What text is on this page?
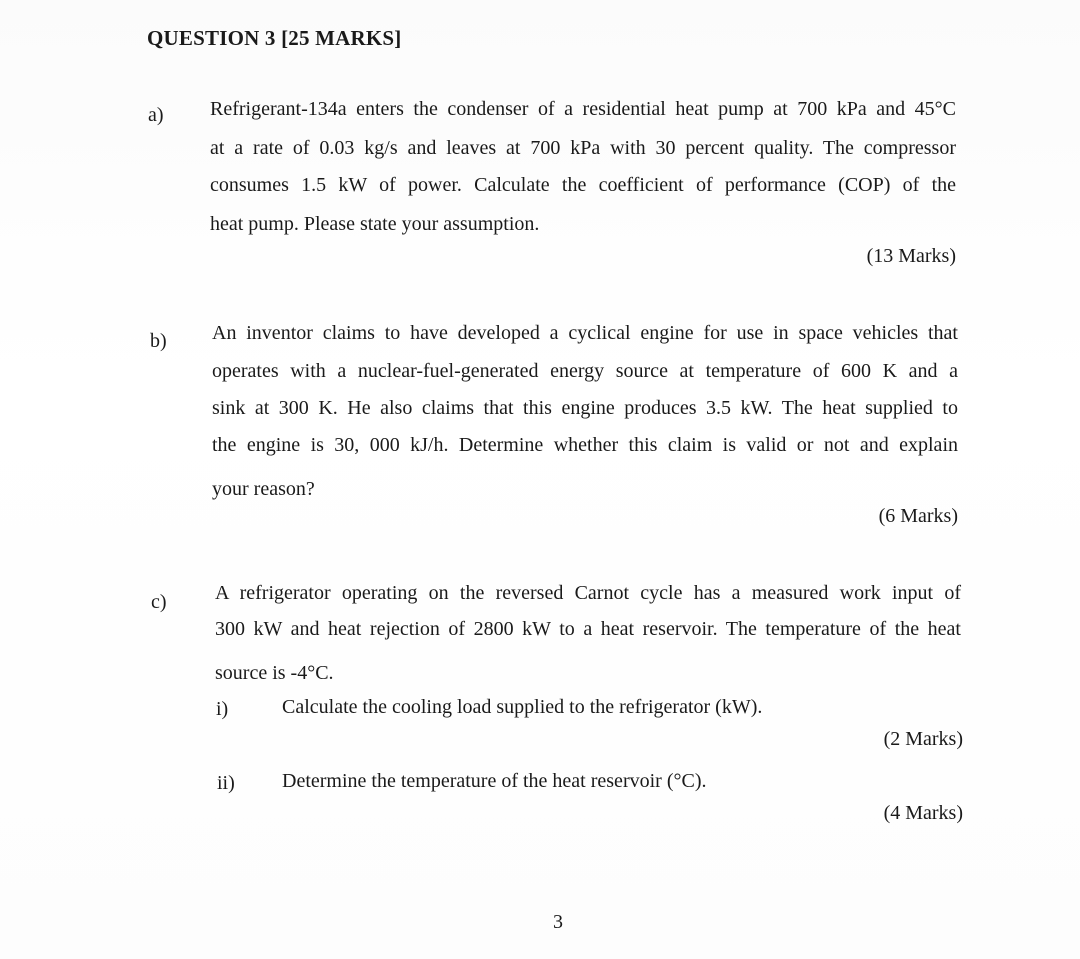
QUESTION 3 [25 MARKS]
a) Refrigerant-134a enters the condenser of a residential heat pump at 700 kPa and 45°C
at a rate of 0.03 kg/s and leaves at 700 kPa with 30 percent quality. The compressor
consumes 1.5 kW of power. Calculate the coefficient of performance (COP) of the
heat pump. Please state your assumption.
(13 Marks)
b) An inventor claims to have developed a cyclical engine for use in space vehicles that
operates with a nuclear-fuel-generated energy source at temperature of 600 K and a
sink at 300 K. He also claims that this engine produces 3.5 kW. The heat supplied to
the engine is 30, 000 kJ/h. Determine whether this claim is valid or not and explain
your reason?
(6 Marks)
c) A refrigerator operating on the reversed Carnot cycle has a measured work input of
300 kW and heat rejection of 2800 kW to a heat reservoir. The temperature of the heat
source is -4°C.
i)	Calculate the cooling load supplied to the refrigerator (kW).
(2 Marks)
ii) Determine the temperature of the heat reservoir (°C).
(4 Marks)
3
